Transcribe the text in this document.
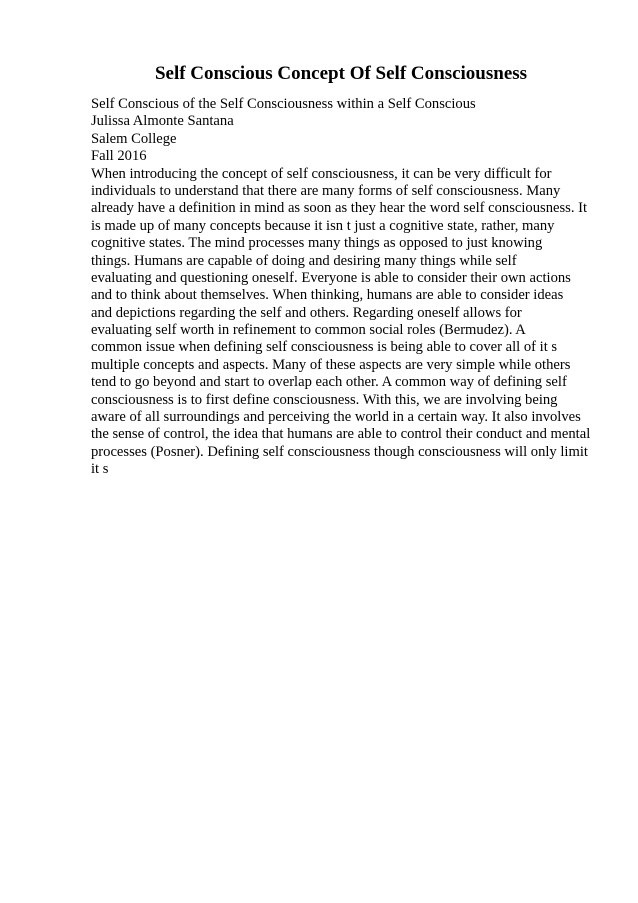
Self Conscious Concept Of Self Consciousness
Self Conscious of the Self Consciousness within a Self Conscious
Julissa Almonte Santana
Salem College
Fall 2016
When introducing the concept of self consciousness, it can be very difficult for
individuals to understand that there are many forms of self consciousness. Many
already have a definition in mind as soon as they hear the word self consciousness. It
is made up of many concepts because it isn t just a cognitive state, rather, many
cognitive states. The mind processes many things as opposed to just knowing
things. Humans are capable of doing and desiring many things while self
evaluating and questioning oneself. Everyone is able to consider their own actions
and to think about themselves. When thinking, humans are able to consider ideas
and depictions regarding the self and others. Regarding oneself allows for
evaluating self worth in refinement to common social roles (Bermudez). A
common issue when defining self consciousness is being able to cover all of it s
multiple concepts and aspects. Many of these aspects are very simple while others
tend to go beyond and start to overlap each other. A common way of defining self
consciousness is to first define consciousness. With this, we are involving being
aware of all surroundings and perceiving the world in a certain way. It also involves
the sense of control, the idea that humans are able to control their conduct and mental
processes (Posner). Defining self consciousness though consciousness will only limit
it s
